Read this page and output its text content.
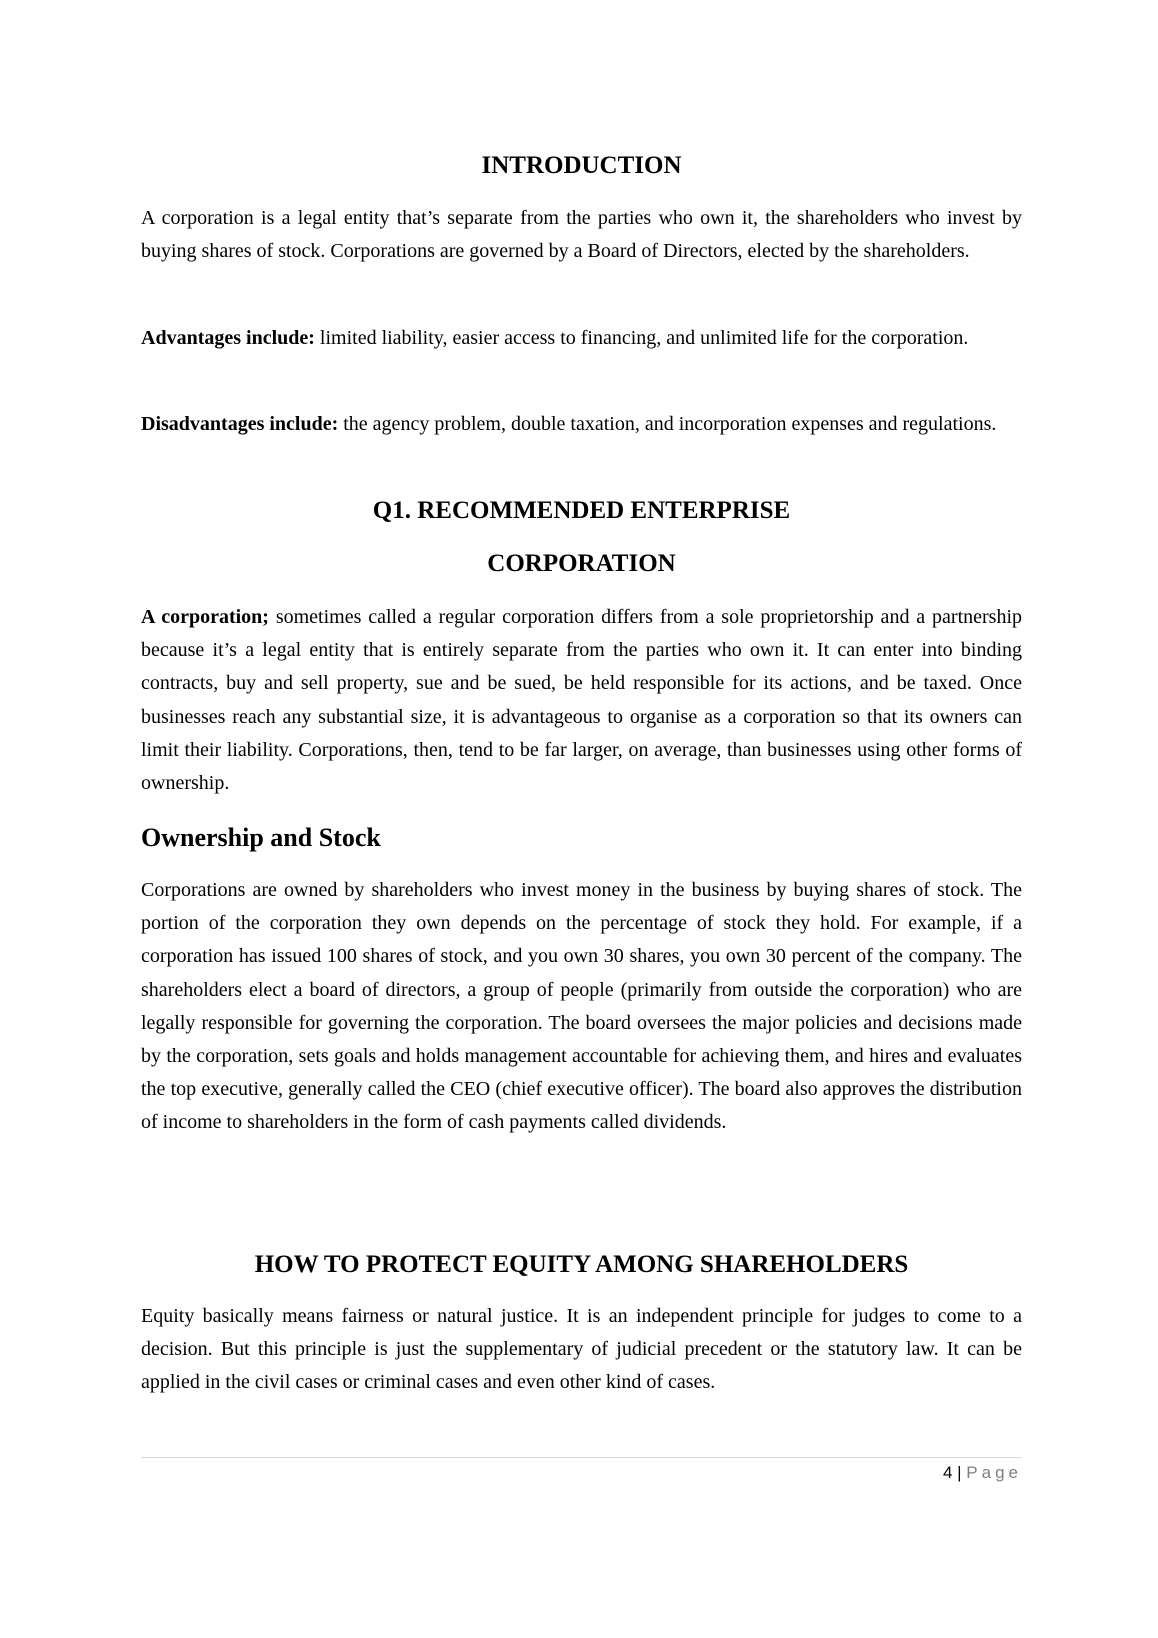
INTRODUCTION

A corporation is a legal entity that’s separate from the parties who own it, the shareholders who invest by buying shares of stock. Corporations are governed by a Board of Directors, elected by the shareholders.

Advantages include: limited liability, easier access to financing, and unlimited life for the corporation.

Disadvantages include: the agency problem, double taxation, and incorporation expenses and regulations.

Q1. RECOMMENDED ENTERPRISE
CORPORATION

A corporation; sometimes called a regular corporation differs from a sole proprietorship and a partnership because it’s a legal entity that is entirely separate from the parties who own it. It can enter into binding contracts, buy and sell property, sue and be sued, be held responsible for its actions, and be taxed. Once businesses reach any substantial size, it is advantageous to organise as a corporation so that its owners can limit their liability. Corporations, then, tend to be far larger, on average, than businesses using other forms of ownership.

Ownership and Stock

Corporations are owned by shareholders who invest money in the business by buying shares of stock. The portion of the corporation they own depends on the percentage of stock they hold. For example, if a corporation has issued 100 shares of stock, and you own 30 shares, you own 30 percent of the company. The shareholders elect a board of directors, a group of people (primarily from outside the corporation) who are legally responsible for governing the corporation. The board oversees the major policies and decisions made by the corporation, sets goals and holds management accountable for achieving them, and hires and evaluates the top executive, generally called the CEO (chief executive officer). The board also approves the distribution of income to shareholders in the form of cash payments called dividends.

HOW TO PROTECT EQUITY AMONG SHAREHOLDERS

Equity basically means fairness or natural justice. It is an independent principle for judges to come to a decision. But this principle is just the supplementary of judicial precedent or the statutory law. It can be applied in the civil cases or criminal cases and even other kind of cases.

4 | Page
